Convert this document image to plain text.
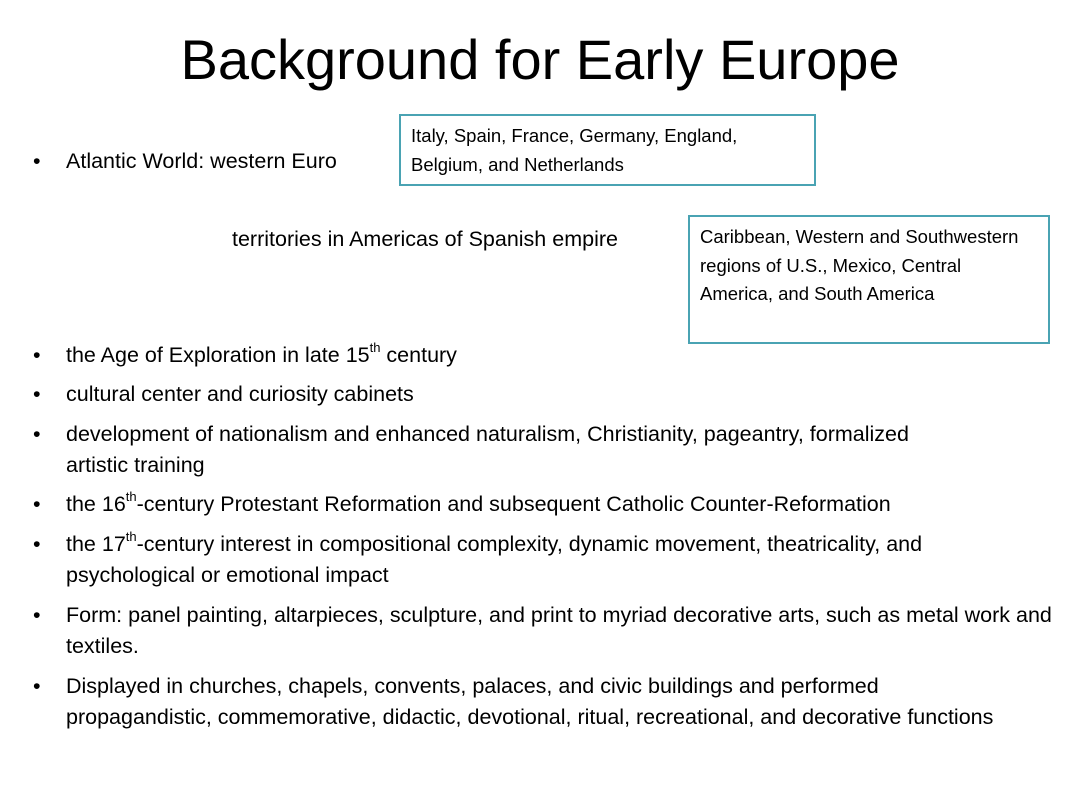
Background for Early Europe
• Atlantic World: western Euro
Italy, Spain, France, Germany, England, Belgium, and Netherlands
territories in Americas of Spanish empire	Caribbean, Western and Southwestern regions of U.S., Mexico, Central America, and South America
• the Age of Exploration in late 15th century
• cultural center and curiosity cabinets
• development of nationalism and enhanced naturalism, Christianity, pageantry, formalized artistic training
• the 16th-century Protestant Reformation and subsequent Catholic Counter-Reformation
• the 17th-century interest in compositional complexity, dynamic movement, theatricality, and psychological or emotional impact
• Form: panel painting, altarpieces, sculpture, and print to myriad decorative arts, such as metal work and textiles.
• Displayed in churches, chapels, convents, palaces, and civic buildings and performed propagandistic, commemorative, didactic, devotional, ritual, recreational, and decorative functions
